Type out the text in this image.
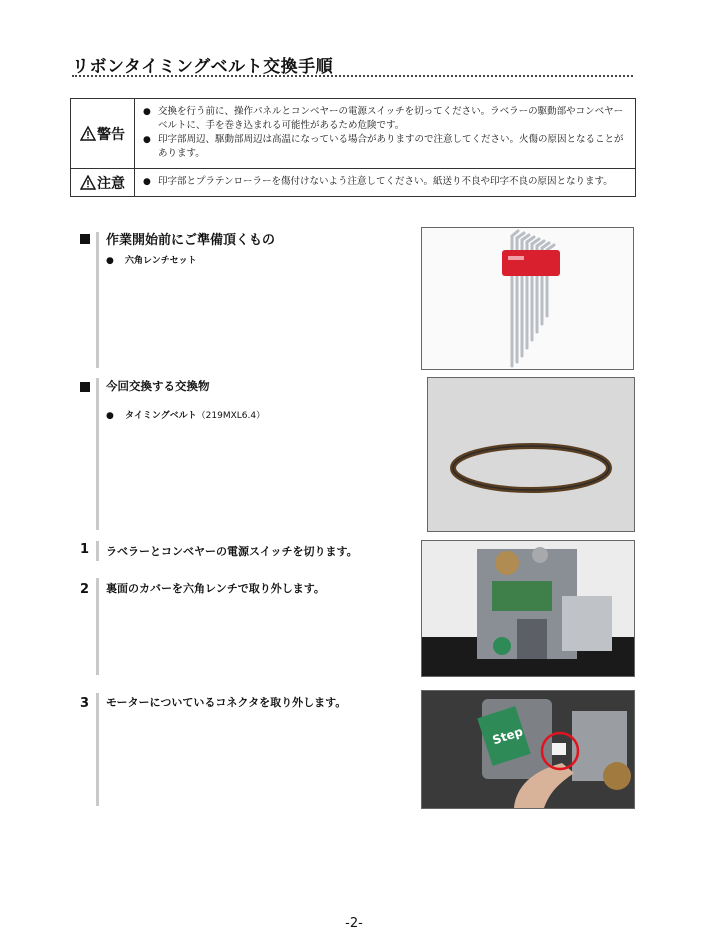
リボンタイミングベルト交換手順
警告
● 交換を行う前に、操作パネルとコンベヤーの電源スイッチを切ってください。ラベラーの駆動部やコンベヤーベルトに、手を巻き込まれる可能性があるため危険です。
● 印字部周辺、駆動部周辺は高温になっている場合がありますので注意してください。火傷の原因となることがあります。
注意 ● 印字部とプラテンローラーを傷付けないよう注意してください。紙送り不良や印字不良の原因となります。
作業開始前にご準備頂くもの
● 六角レンチセット
今回交換する交換物
● タイミングベルト（219MXL6.4）
1 ラベラーとコンベヤーの電源スイッチを切ります。
2 裏面のカバーを六角レンチで取り外します。
3 モーターについているコネクタを取り外します。
Step
-2-
